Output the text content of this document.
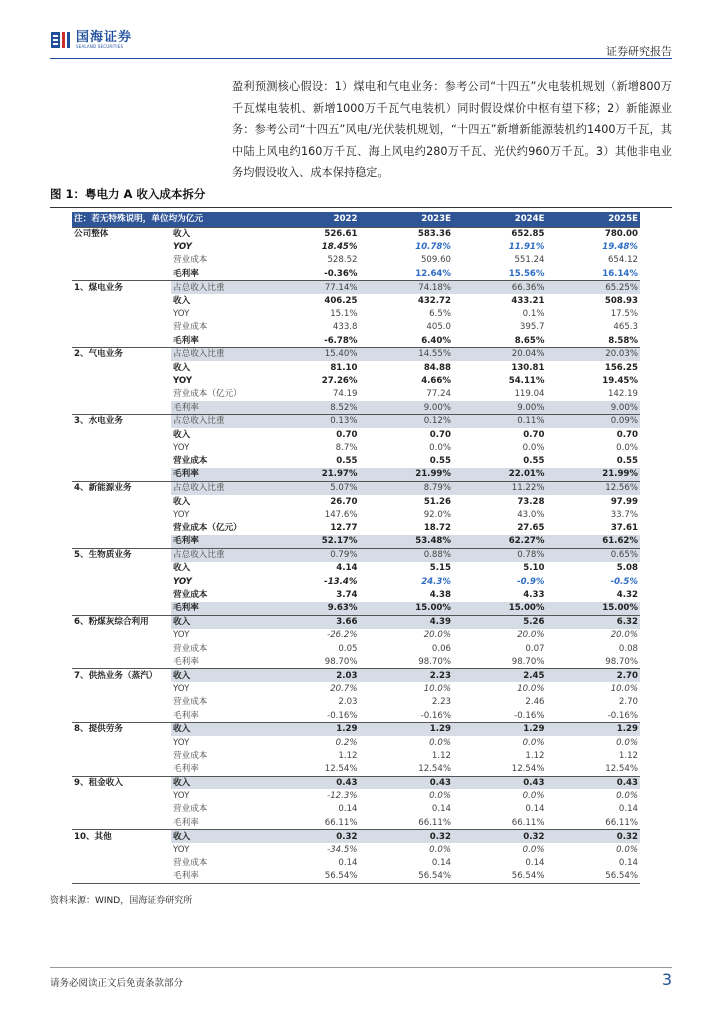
国海证券
SEALAND SECURITIES	证券研究报告
盈利预测核心假设：1）煤电和气电业务：参考公司“十四五”火电装机规划（新增800万千瓦煤电装机、新增1000万千瓦气电装机）同时假设煤价中枢有望下移；2）新能源业务：参考公司“十四五”风电/光伏装机规划，“十四五”新增新能源装机约1400万千瓦，其中陆上风电约160万千瓦、海上风电约280万千瓦、光伏约960万千瓦。3）其他非电业务均假设收入、成本保持稳定。
图 1：粤电力 A 收入成本拆分
注：若无特殊说明，单位均为亿元		2022	2023E	2024E	2025E
公司整体	收入	526.61	583.36	652.85	780.00
	YOY	18.45%	10.78%	11.91%	19.48%
	营业成本	528.52	509.60	551.24	654.12
	毛利率	-0.36%	12.64%	15.56%	16.14%
1、煤电业务	占总收入比重	77.14%	74.18%	66.36%	65.25%
	收入	406.25	432.72	433.21	508.93
	YOY	15.1%	6.5%	0.1%	17.5%
	营业成本	433.8	405.0	395.7	465.3
	毛利率	-6.78%	6.40%	8.65%	8.58%
2、气电业务	占总收入比重	15.40%	14.55%	20.04%	20.03%
	收入	81.10	84.88	130.81	156.25
	YOY	27.26%	4.66%	54.11%	19.45%
	营业成本（亿元）	74.19	77.24	119.04	142.19
	毛利率	8.52%	9.00%	9.00%	9.00%
3、水电业务	占总收入比重	0.13%	0.12%	0.11%	0.09%
	收入	0.70	0.70	0.70	0.70
	YOY	8.7%	0.0%	0.0%	0.0%
	营业成本	0.55	0.55	0.55	0.55
	毛利率	21.97%	21.99%	22.01%	21.99%
4、新能源业务	占总收入比重	5.07%	8.79%	11.22%	12.56%
	收入	26.70	51.26	73.28	97.99
	YOY	147.6%	92.0%	43.0%	33.7%
	营业成本（亿元）	12.77	18.72	27.65	37.61
	毛利率	52.17%	53.48%	62.27%	61.62%
5、生物质业务	占总收入比重	0.79%	0.88%	0.78%	0.65%
	收入	4.14	5.15	5.10	5.08
	YOY	-13.4%	24.3%	-0.9%	-0.5%
	营业成本	3.74	4.38	4.33	4.32
	毛利率	9.63%	15.00%	15.00%	15.00%
6、粉煤灰综合利用	收入	3.66	4.39	5.26	6.32
	YOY	-26.2%	20.0%	20.0%	20.0%
	营业成本	0.05	0.06	0.07	0.08
	毛利率	98.70%	98.70%	98.70%	98.70%
7、供热业务（蒸汽）	收入	2.03	2.23	2.45	2.70
	YOY	20.7%	10.0%	10.0%	10.0%
	营业成本	2.03	2.23	2.46	2.70
	毛利率	-0.16%	-0.16%	-0.16%	-0.16%
8、提供劳务	收入	1.29	1.29	1.29	1.29
	YOY	0.2%	0.0%	0.0%	0.0%
	营业成本	1.12	1.12	1.12	1.12
	毛利率	12.54%	12.54%	12.54%	12.54%
9、租金收入	收入	0.43	0.43	0.43	0.43
	YOY	-12.3%	0.0%	0.0%	0.0%
	营业成本	0.14	0.14	0.14	0.14
	毛利率	66.11%	66.11%	66.11%	66.11%
10、其他	收入	0.32	0.32	0.32	0.32
	YOY	-34.5%	0.0%	0.0%	0.0%
	营业成本	0.14	0.14	0.14	0.14
	毛利率	56.54%	56.54%	56.54%	56.54%
资料来源：WIND，国海证券研究所
请务必阅读正文后免责条款部分	3
